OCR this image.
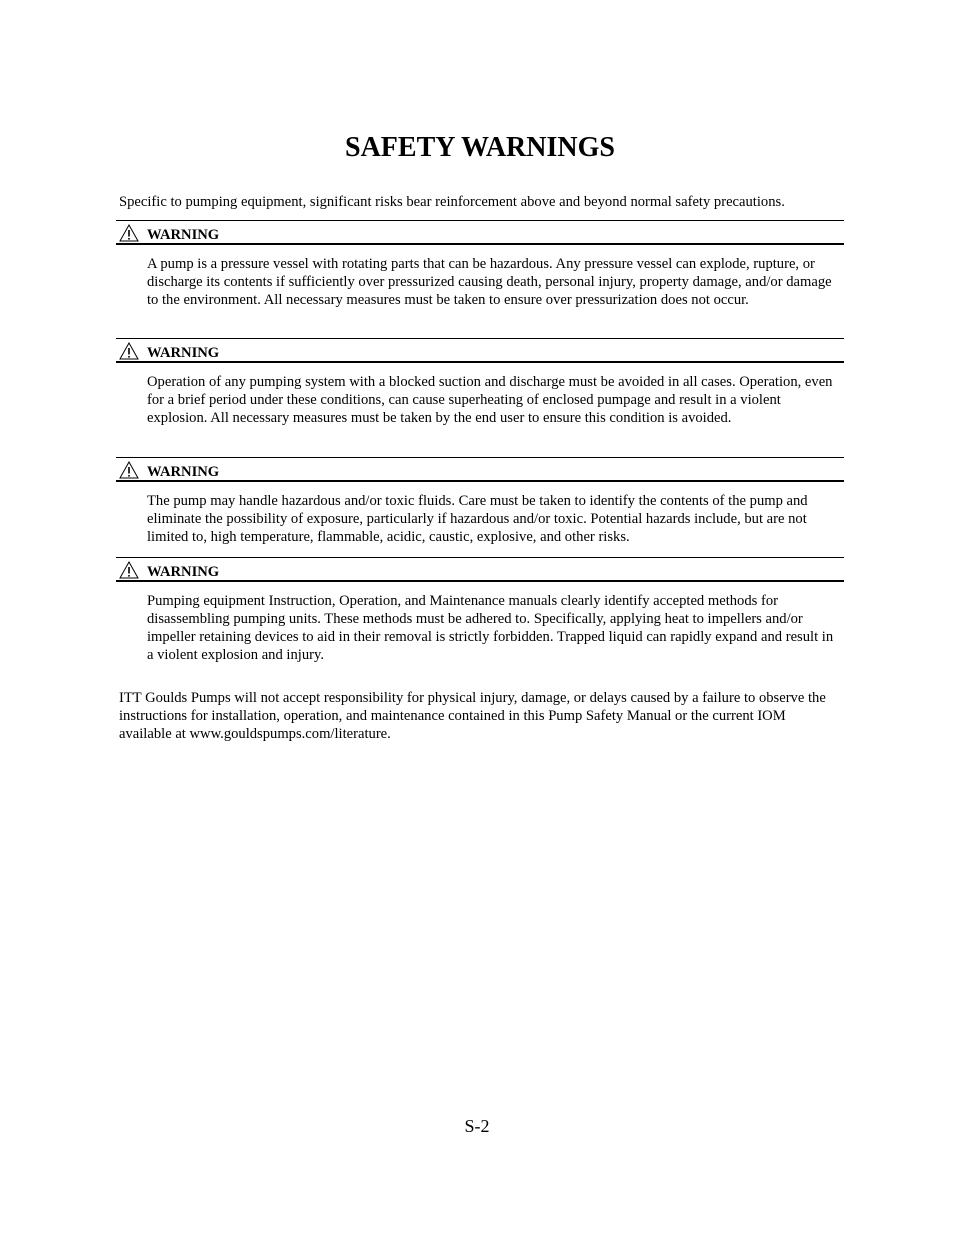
SAFETY WARNINGS

Specific to pumping equipment, significant risks bear reinforcement above and beyond normal safety precautions.

WARNING
A pump is a pressure vessel with rotating parts that can be hazardous. Any pressure vessel can explode, rupture, or discharge its contents if sufficiently over pressurized causing death, personal injury, property damage, and/or damage to the environment. All necessary measures must be taken to ensure over pressurization does not occur.
WARNING
Operation of any pumping system with a blocked suction and discharge must be avoided in all cases. Operation, even for a brief period under these conditions, can cause superheating of enclosed pumpage and result in a violent explosion. All necessary measures must be taken by the end user to ensure this condition is avoided.
WARNING
The pump may handle hazardous and/or toxic fluids. Care must be taken to identify the contents of the pump and eliminate the possibility of exposure, particularly if hazardous and/or toxic. Potential hazards include, but are not limited to, high temperature, flammable, acidic, caustic, explosive, and other risks.
WARNING
Pumping equipment Instruction, Operation, and Maintenance manuals clearly identify accepted methods for disassembling pumping units. These methods must be adhered to. Specifically, applying heat to impellers and/or impeller retaining devices to aid in their removal is strictly forbidden. Trapped liquid can rapidly expand and result in a violent explosion and injury.

ITT Goulds Pumps will not accept responsibility for physical injury, damage, or delays caused by a failure to observe the instructions for installation, operation, and maintenance contained in this Pump Safety Manual or the current IOM available at www.gouldspumps.com/literature.

S-2
